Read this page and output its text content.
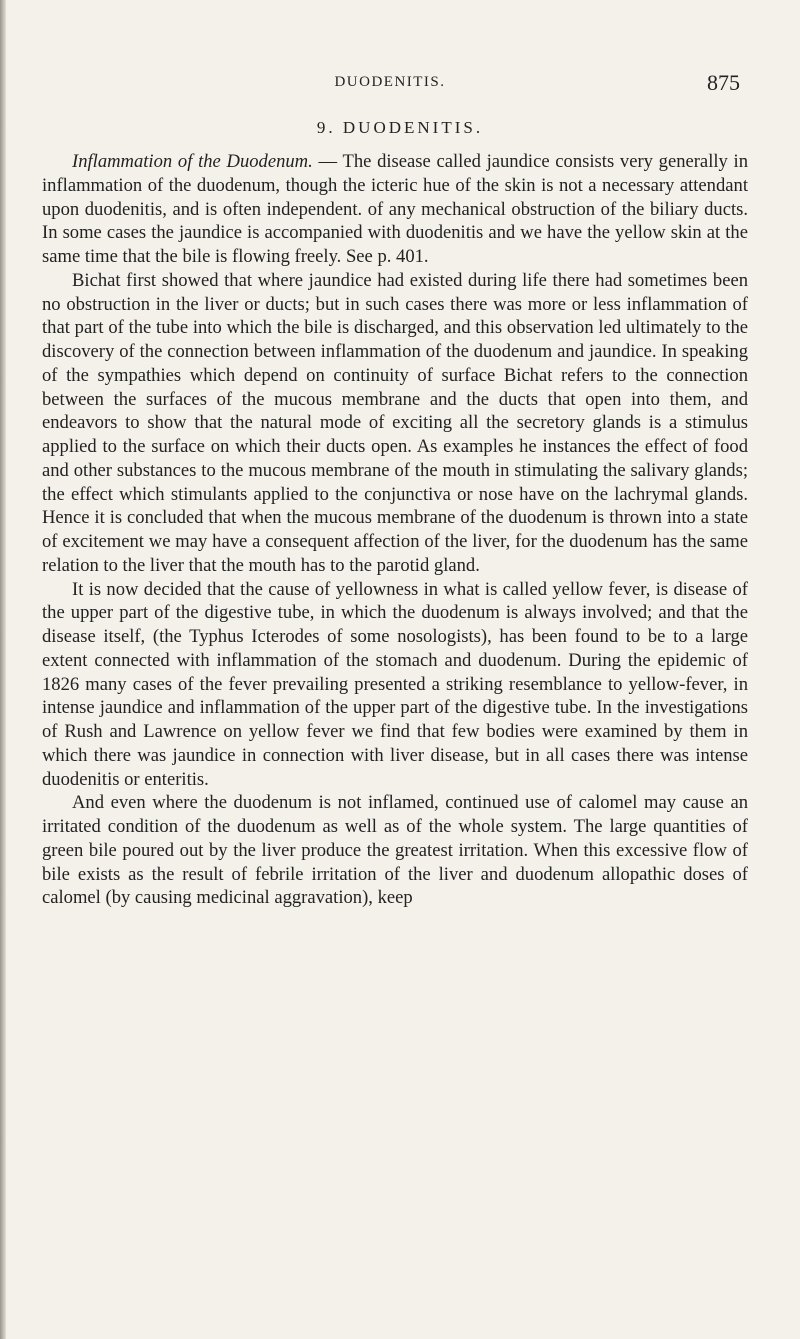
DUODENITIS.	875
9. DUODENITIS.

Inflammation of the Duodenum. — The disease called jaundice consists very generally in inflammation of the duodenum, though the icteric hue of the skin is not a necessary attendant upon duodenitis, and is often independent. of any mechanical obstruction of the biliary ducts. In some cases the jaundice is accompanied with duodenitis and we have the yellow skin at the same time that the bile is flowing freely. See p. 401.

Bichat first showed that where jaundice had existed during life there had sometimes been no obstruction in the liver or ducts; but in such cases there was more or less inflammation of that part of the tube into which the bile is discharged, and this observation led ultimately to the discovery of the connection between inflammation of the duodenum and jaundice. In speaking of the sympathies which depend on continuity of surface Bichat refers to the connection between the surfaces of the mucous membrane and the ducts that open into them, and endeavors to show that the natural mode of exciting all the secretory glands is a stimulus applied to the surface on which their ducts open. As examples he instances the effect of food and other substances to the mucous membrane of the mouth in stimulating the salivary glands; the effect which stimulants applied to the conjunctiva or nose have on the lachrymal glands. Hence it is concluded that when the mucous membrane of the duodenum is thrown into a state of excitement we may have a consequent affection of the liver, for the duodenum has the same relation to the liver that the mouth has to the parotid gland.

It is now decided that the cause of yellowness in what is called yellow fever, is disease of the upper part of the digestive tube, in which the duodenum is always involved; and that the disease itself, (the Typhus Icterodes of some nosologists), has been found to be to a large extent connected with inflammation of the stomach and duodenum. During the epidemic of 1826 many cases of the fever prevailing presented a striking resemblance to yellow-fever, in intense jaundice and inflammation of the upper part of the digestive tube. In the investigations of Rush and Lawrence on yellow fever we find that few bodies were examined by them in which there was jaundice in connection with liver disease, but in all cases there was intense duodenitis or enteritis.

And even where the duodenum is not inflamed, continued use of calomel may cause an irritated condition of the duodenum as well as of the whole system. The large quantities of green bile poured out by the liver produce the greatest irritation. When this excessive flow of bile exists as the result of febrile irritation of the liver and duodenum allopathic doses of calomel (by causing medicinal aggravation), keep
